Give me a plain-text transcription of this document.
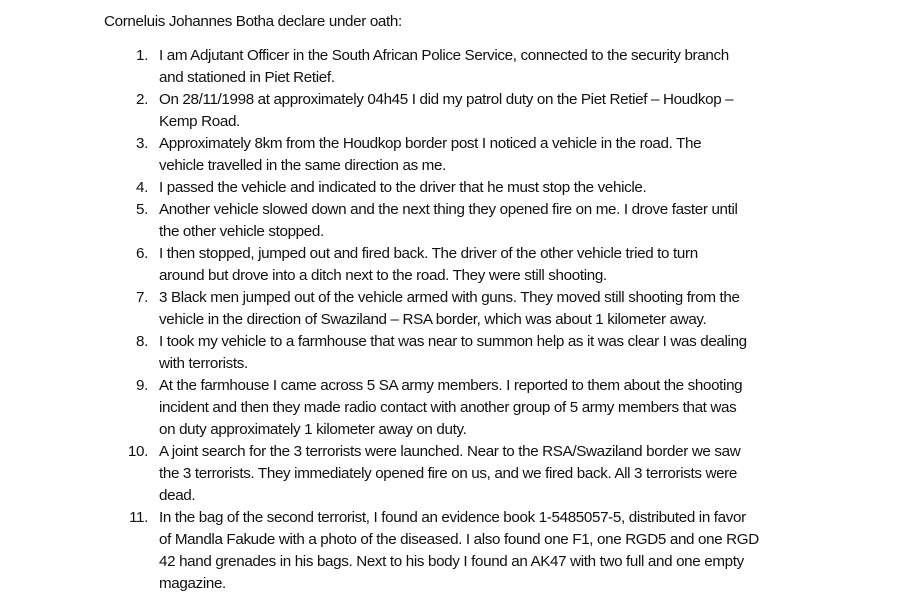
Corneluis Johannes Botha declare under oath:
1. I am Adjutant Officer in the South African Police Service, connected to the security branch
and stationed in Piet Retief.
2. On 28/11/1998 at approximately 04h45 I did my patrol duty on the Piet Retief – Houdkop –
Kemp Road.
3. Approximately 8km from the Houdkop border post I noticed a vehicle in the road. The
vehicle travelled in the same direction as me.
4. I passed the vehicle and indicated to the driver that he must stop the vehicle.
5. Another vehicle slowed down and the next thing they opened fire on me. I drove faster until
the other vehicle stopped.
6. I then stopped, jumped out and fired back. The driver of the other vehicle tried to turn
around but drove into a ditch next to the road. They were still shooting.
7. 3 Black men jumped out of the vehicle armed with guns. They moved still shooting from the
vehicle in the direction of Swaziland – RSA border, which was about 1 kilometer away.
8. I took my vehicle to a farmhouse that was near to summon help as it was clear I was dealing
with terrorists.
9. At the farmhouse I came across 5 SA army members. I reported to them about the shooting
incident and then they made radio contact with another group of 5 army members that was
on duty approximately 1 kilometer away on duty.
10. A joint search for the 3 terrorists were launched. Near to the RSA/Swaziland border we saw
the 3 terrorists. They immediately opened fire on us, and we fired back. All 3 terrorists were
dead.
11. In the bag of the second terrorist, I found an evidence book 1-5485057-5, distributed in favor
of Mandla Fakude with a photo of the diseased. I also found one F1, one RGD5 and one RGD
42 hand grenades in his bags. Next to his body I found an AK47 with two full and one empty
magazine.
